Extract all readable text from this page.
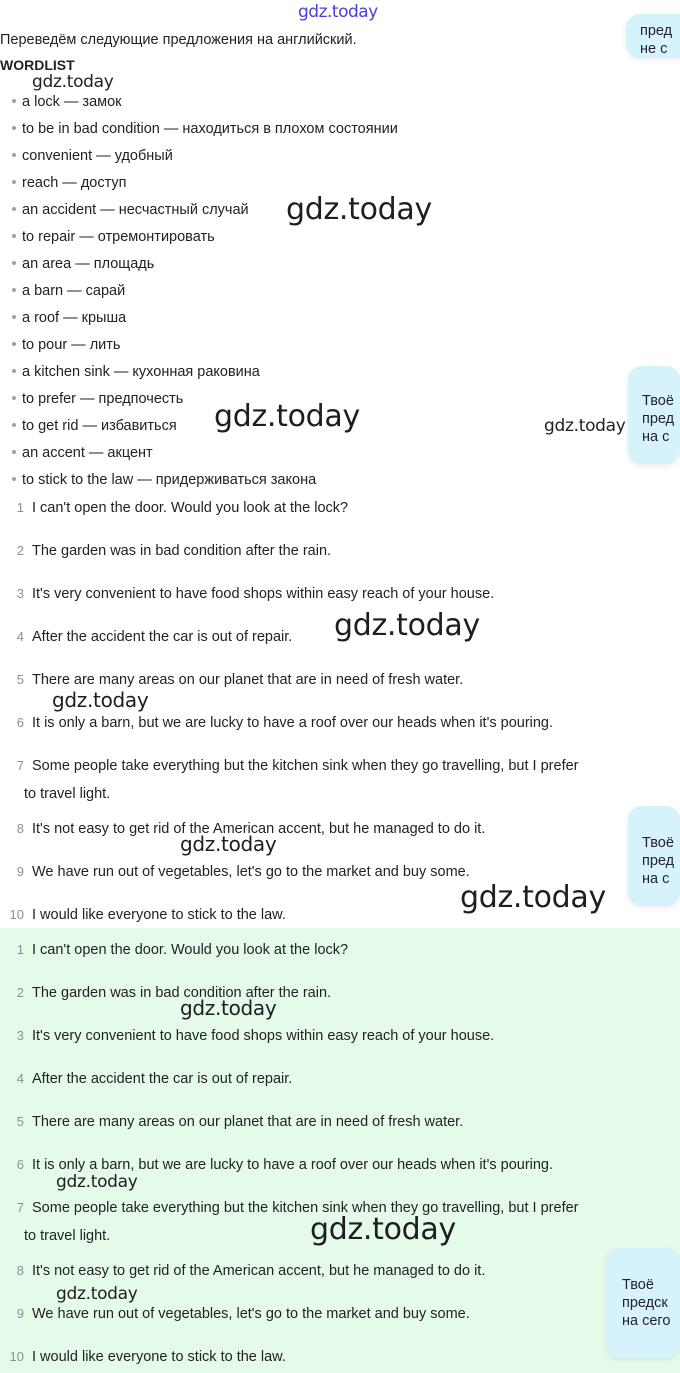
gdz.today
Переведём следующие предложения на английский.
WORDLIST
a lock — замок
to be in bad condition — находиться в плохом состоянии
convenient — удобный
reach — доступ
an accident — несчастный случай
to repair — отремонтировать
an area — площадь
a barn — сарай
a roof — крыша
to pour — лить
a kitchen sink — кухонная раковина
to prefer — предпочесть
to get rid — избавиться
an accent — акцент
to stick to the law — придерживаться закона
1 I can't open the door. Would you look at the lock?
2 The garden was in bad condition after the rain.
3 It's very convenient to have food shops within easy reach of your house.
4 After the accident the car is out of repair.
5 There are many areas on our planet that are in need of fresh water.
6 It is only a barn, but we are lucky to have a roof over our heads when it's pouring.
7 Some people take everything but the kitchen sink when they go travelling, but I prefer
to travel light.
8 It's not easy to get rid of the American accent, but he managed to do it.
9 We have run out of vegetables, let's go to the market and buy some.
10 I would like everyone to stick to the law.
1 I can't open the door. Would you look at the lock?
2 The garden was in bad condition after the rain.
3 It's very convenient to have food shops within easy reach of your house.
4 After the accident the car is out of repair.
5 There are many areas on our planet that are in need of fresh water.
6 It is only a barn, but we are lucky to have a roof over our heads when it's pouring.
7 Some people take everything but the kitchen sink when they go travelling, but I prefer
to travel light.
8 It's not easy to get rid of the American accent, but he managed to do it.
9 We have run out of vegetables, let's go to the market and buy some.
10 I would like everyone to stick to the law.
пред
не с
Твоё
пред
на с
Твоё
пред
на с
Твоё
предск
на сего
gdz.today
gdz.today
gdz.today	gdz.today
gdz.today
gdz.today
gdz.today
gdz.today
gdz.today
gdz.today
gdz.today
gdz.today
